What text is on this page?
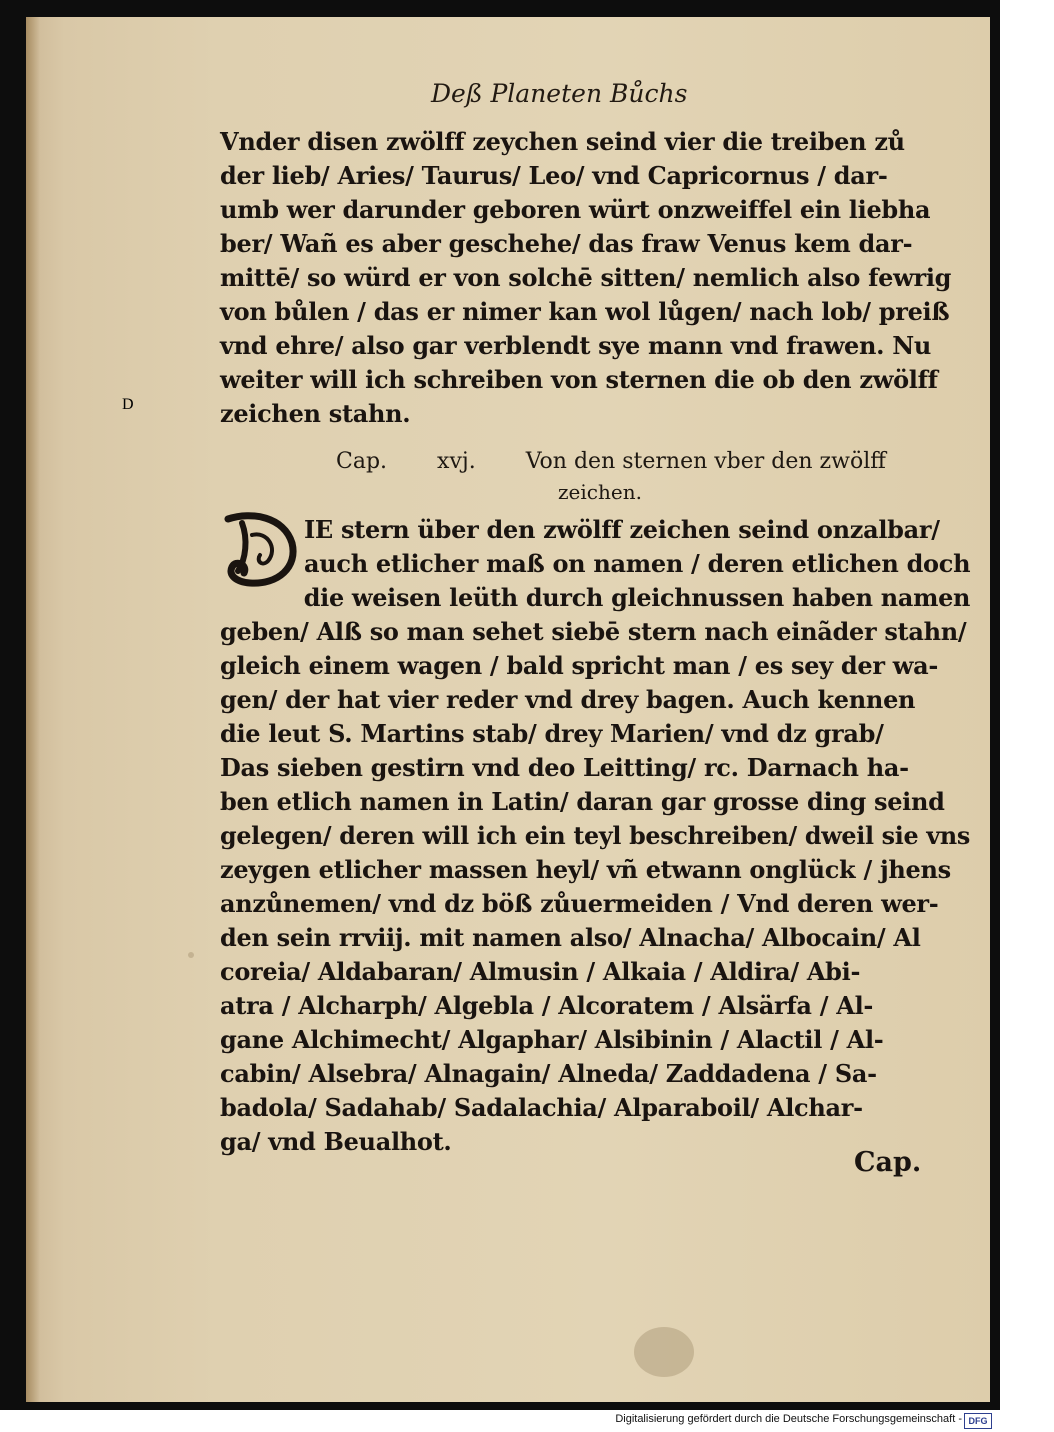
Deß Planeten Bůchs
Vnder disen zwölff zeychen seind vier die treiben zů
der lieb/ Aries/ Taurus/ Leo/ vnd Capricornus / dar-
umb wer darunder geboren würt onzweiffel ein liebha
ber/ Wañ es aber geschehe/ das fraw Venus kem dar-
mittē/ so würd er von solchē sitten/ nemlich also fewrig
von bůlen / das er nimer kan wol lůgen/ nach lob/ preiß
vnd ehre/ also gar verblendt sye mann vnd frawen. Nu
weiter will ich schreiben von sternen die ob den zwölff
zeichen stahn.
Cap. xvj. Von den sternen vber den zwölff
zeichen.
D
IE stern über den zwölff zeichen seind onzalbar/
auch etlicher maß on namen / deren etlichen doch
die weisen leüth durch gleichnussen haben namen
geben/ Alß so man sehet siebē stern nach einãder stahn/
gleich einem wagen / bald spricht man / es sey der wa-
gen/ der hat vier reder vnd drey bagen. Auch kennen
die leut S. Martins stab/ drey Marien/ vnd dz grab/
Das sieben gestirn vnd deo Leitting/ rc. Darnach ha-
ben etlich namen in Latin/ daran gar grosse ding seind
gelegen/ deren will ich ein teyl beschreiben/ dweil sie vns
zeygen etlicher massen heyl/ vñ etwann onglück / jhens
anzůnemen/ vnd dz böß zůuermeiden / Vnd deren wer-
den sein rrviij. mit namen also/ Alnacha/ Albocain/ Al
coreia/ Aldabaran/ Almusin / Alkaia / Aldira/ Abi-
atra / Alcharph/ Algebla / Alcoratem / Alsärfa / Al-
gane Alchimecht/ Algaphar/ Alsibinin / Alactil / Al-
cabin/ Alsebra/ Alnagain/ Alneda/ Zaddadena / Sa-
badola/ Sadahab/ Sadalachia/ Alparaboil/ Alchar-
ga/ vnd Beualhot.
Cap.
Digitalisierung gefördert durch die Deutsche Forschungsgemeinschaft - DFG
